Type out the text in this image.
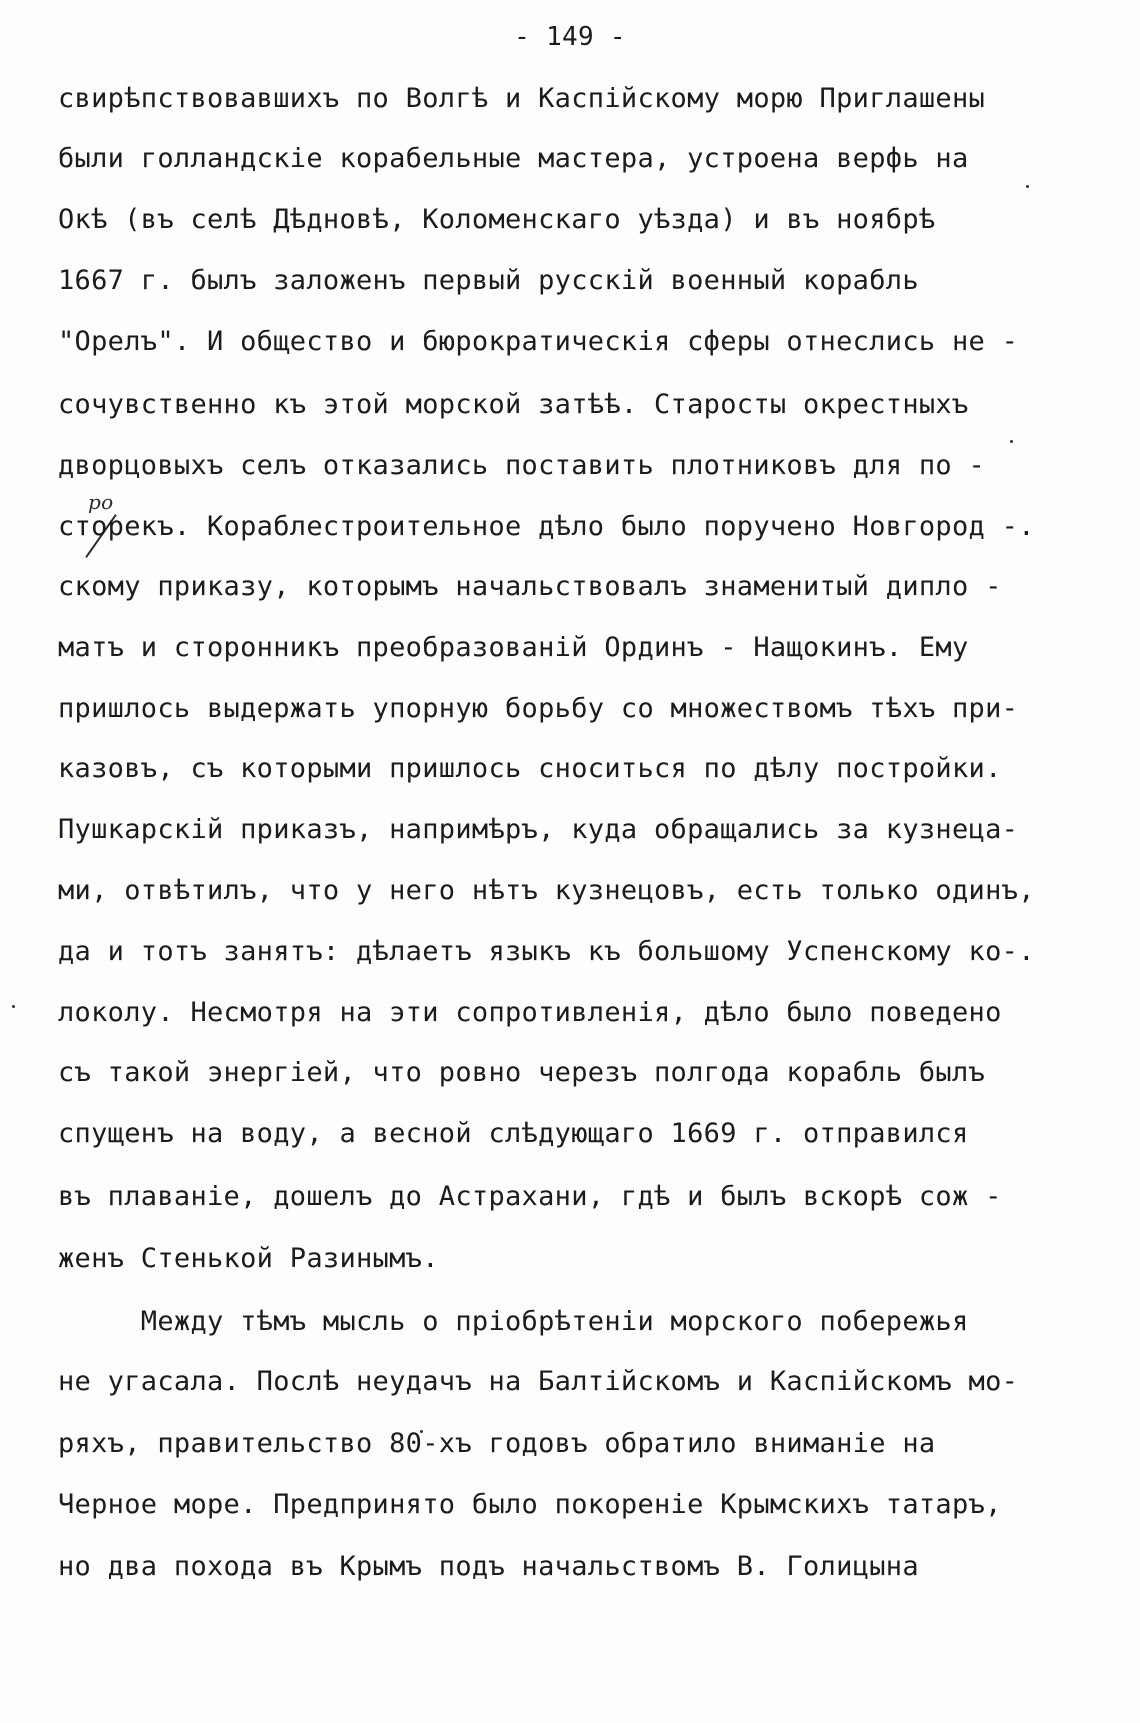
- 149 -
ро
свирѣпствовавшихъ по Волгѣ и Каспійскому морю Приглашены
были голландскіе корабельные мастера, устроена верфь на
Окѣ (въ селѣ Дѣдновѣ, Коломенскаго уѣзда) и въ ноябрѣ
1667 г. былъ заложенъ первый русскій военный корабль
"Орелъ". И общество и бюрократическія сферы отнеслись не -
сочувственно къ этой морской затѣѣ. Старосты окрестныхъ
дворцовыхъ селъ отказались поставить плотниковъ для по -
сторекъ. Кораблестроительное дѣло было поручено Новгород -.
скому приказу, которымъ начальствовалъ знаменитый дипло -
матъ и сторонникъ преобразованій Ординъ - Нащокинъ. Ему
пришлось выдержать упорную борьбу со множествомъ тѣхъ при-
казовъ, съ которыми пришлось сноситься по дѣлу постройки.
Пушкарскій приказъ, напримѣръ, куда обращались за кузнеца-
ми, отвѣтилъ, что у него нѣтъ кузнецовъ, есть только одинъ,
да и тотъ занятъ: дѣлаетъ языкъ къ большому Успенскому ко-.
локолу. Несмотря на эти сопротивленія, дѣло было поведено
съ такой энергіей, что ровно черезъ полгода корабль былъ
спущенъ на воду, а весной слѣдующаго 1669 г. отправился
въ плаваніе, дошелъ до Астрахани, гдѣ и былъ вскорѣ сож -
женъ Стенькой Разинымъ.
Между тѣмъ мысль о пріобрѣтеніи морского побережья
не угасала. Послѣ неудачъ на Балтійскомъ и Каспійскомъ мо-
ряхъ, правительство 80-хъ годовъ обратило вниманіе на
Черное море. Предпринято было покореніе Крымскихъ татаръ,
но два похода въ Крымъ подъ начальствомъ В. Голицына
